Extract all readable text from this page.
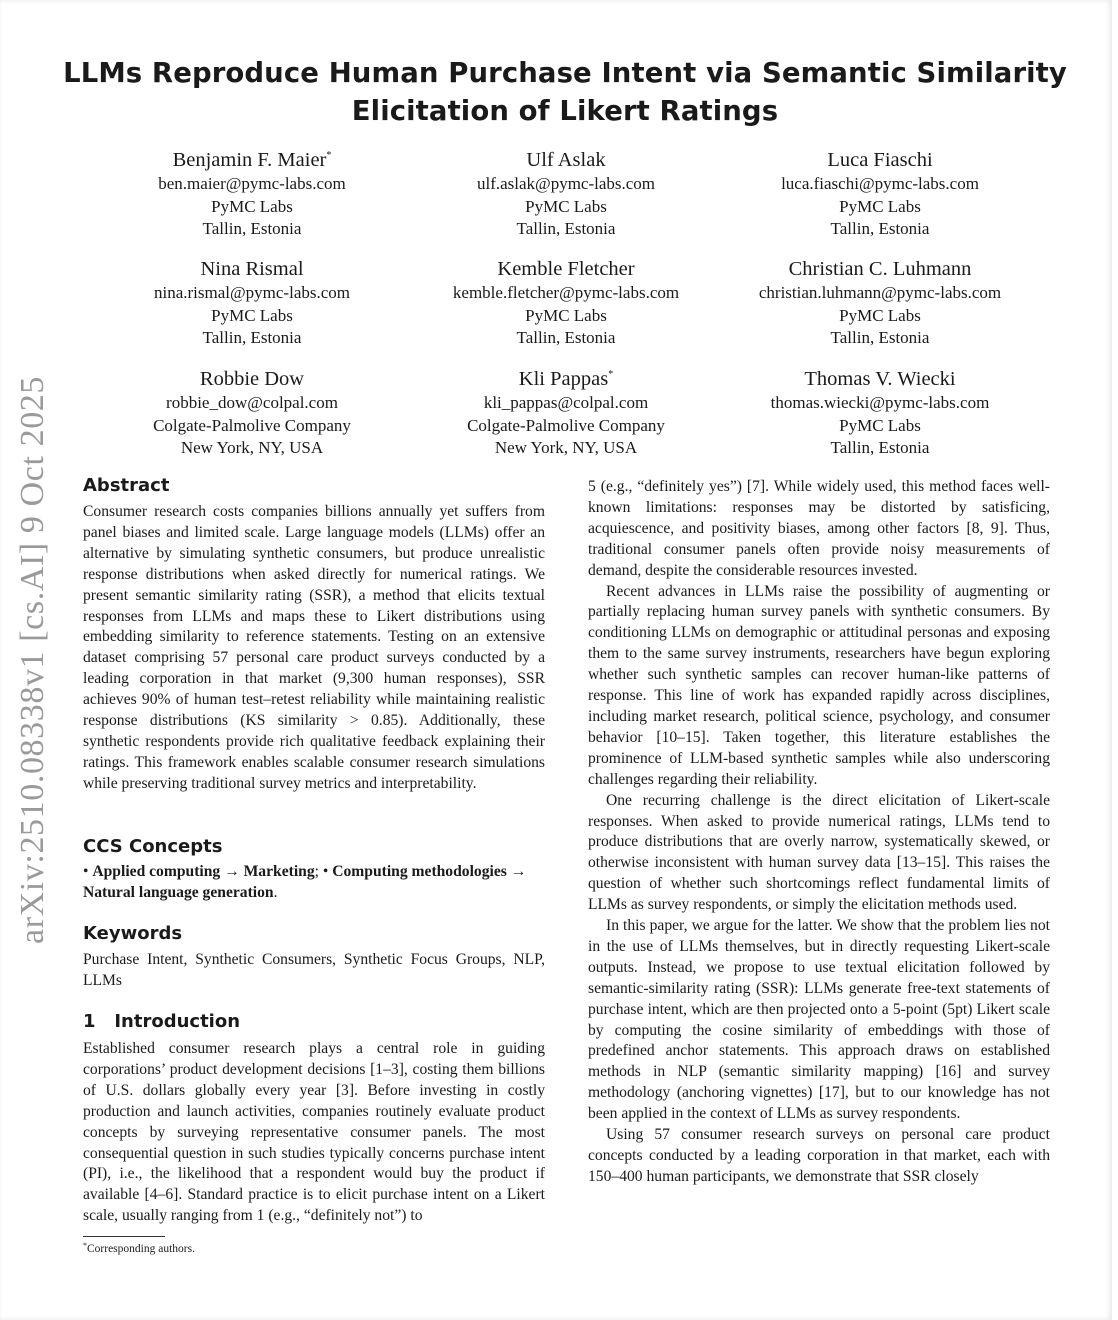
arXiv:2510.08338v1 [cs.AI] 9 Oct 2025
LLMs Reproduce Human Purchase Intent via Semantic Similarity
Elicitation of Likert Ratings
Benjamin F. Maier*
ben.maier@pymc-labs.com
PyMC Labs
Tallin, Estonia
Ulf Aslak
ulf.aslak@pymc-labs.com
PyMC Labs
Tallin, Estonia
Luca Fiaschi
luca.fiaschi@pymc-labs.com
PyMC Labs
Tallin, Estonia
Nina Rismal
nina.rismal@pymc-labs.com
PyMC Labs
Tallin, Estonia
Kemble Fletcher
kemble.fletcher@pymc-labs.com
PyMC Labs
Tallin, Estonia
Christian C. Luhmann
christian.luhmann@pymc-labs.com
PyMC Labs
Tallin, Estonia
Robbie Dow
robbie_dow@colpal.com
Colgate-Palmolive Company
New York, NY, USA
Kli Pappas*
kli_pappas@colpal.com
Colgate-Palmolive Company
New York, NY, USA
Thomas V. Wiecki
thomas.wiecki@pymc-labs.com
PyMC Labs
Tallin, Estonia
Abstract

Consumer research costs companies billions annually yet suffers from panel biases and limited scale. Large language models (LLMs) offer an alternative by simulating synthetic consumers, but produce unrealistic response distributions when asked directly for numerical ratings. We present semantic similarity rating (SSR), a method that elicits textual responses from LLMs and maps these to Likert distributions using embedding similarity to reference statements. Testing on an extensive dataset comprising 57 personal care product surveys conducted by a leading corporation in that market (9,300 human responses), SSR achieves 90% of human test–retest reliability while maintaining realistic response distributions (KS similarity > 0.85). Additionally, these synthetic respondents provide rich qualitative feedback explaining their ratings. This framework enables scalable consumer research simulations while preserving traditional survey metrics and interpretability.

CCS Concepts

• Applied computing → Marketing; • Computing methodologies → Natural language generation.

Keywords

Purchase Intent, Synthetic Consumers, Synthetic Focus Groups, NLP, LLMs

1 Introduction

Established consumer research plays a central role in guiding corporations’ product development decisions [1–3], costing them billions of U.S. dollars globally every year [3]. Before investing in costly production and launch activities, companies routinely evaluate product concepts by surveying representative consumer panels. The most consequential question in such studies typically concerns purchase intent (PI), i.e., the likelihood that a respondent would buy the product if available [4–6]. Standard practice is to elicit purchase intent on a Likert scale, usually ranging from 1 (e.g., “definitely not”) to

*Corresponding authors.

5 (e.g., “definitely yes”) [7]. While widely used, this method faces well-known limitations: responses may be distorted by satisficing, acquiescence, and positivity biases, among other factors [8, 9]. Thus, traditional consumer panels often provide noisy measurements of demand, despite the considerable resources invested.

Recent advances in LLMs raise the possibility of augmenting or partially replacing human survey panels with synthetic consumers. By conditioning LLMs on demographic or attitudinal personas and exposing them to the same survey instruments, researchers have begun exploring whether such synthetic samples can recover human-like patterns of response. This line of work has expanded rapidly across disciplines, including market research, political science, psychology, and consumer behavior [10–15]. Taken together, this literature establishes the prominence of LLM-based synthetic samples while also underscoring challenges regarding their reliability.

One recurring challenge is the direct elicitation of Likert-scale responses. When asked to provide numerical ratings, LLMs tend to produce distributions that are overly narrow, systematically skewed, or otherwise inconsistent with human survey data [13–15]. This raises the question of whether such shortcomings reflect fundamental limits of LLMs as survey respondents, or simply the elicitation methods used.

In this paper, we argue for the latter. We show that the problem lies not in the use of LLMs themselves, but in directly requesting Likert-scale outputs. Instead, we propose to use textual elicitation followed by semantic-similarity rating (SSR): LLMs generate free-text statements of purchase intent, which are then projected onto a 5-point (5pt) Likert scale by computing the cosine similarity of embeddings with those of predefined anchor statements. This approach draws on established methods in NLP (semantic similarity mapping) [16] and survey methodology (anchoring vignettes) [17], but to our knowledge has not been applied in the context of LLMs as survey respondents.

Using 57 consumer research surveys on personal care product concepts conducted by a leading corporation in that market, each with 150–400 human participants, we demonstrate that SSR closely
